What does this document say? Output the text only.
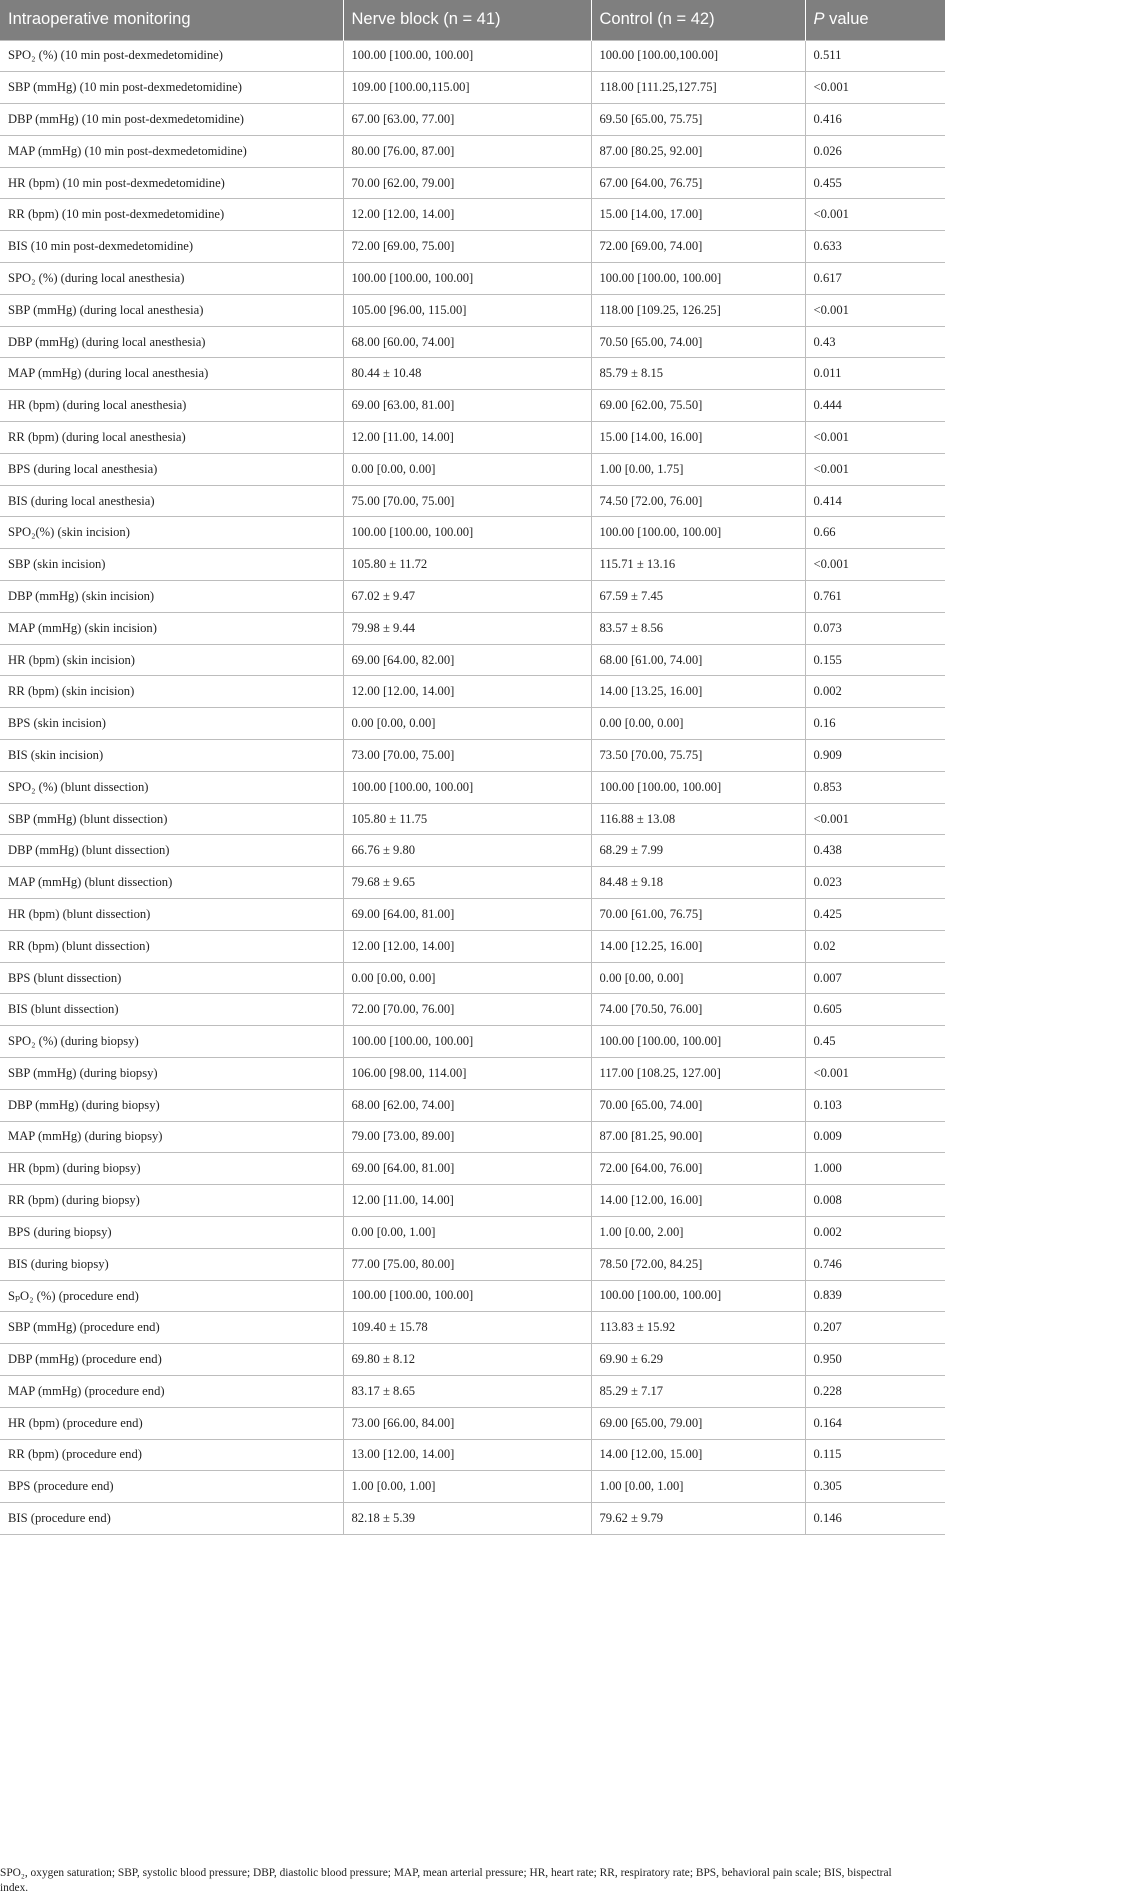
Intraoperative monitoring	Nerve block (n = 41)	Control (n = 42)	P value
SPO₂ (%) (10 min post-dexmedetomidine)	100.00 [100.00, 100.00]	100.00 [100.00,100.00]	0.511
SBP (mmHg) (10 min post-dexmedetomidine)	109.00 [100.00,115.00]	118.00 [111.25,127.75]	<0.001
DBP (mmHg) (10 min post-dexmedetomidine)	67.00 [63.00, 77.00]	69.50 [65.00, 75.75]	0.416
MAP (mmHg) (10 min post-dexmedetomidine)	80.00 [76.00, 87.00]	87.00 [80.25, 92.00]	0.026
HR (bpm) (10 min post-dexmedetomidine)	70.00 [62.00, 79.00]	67.00 [64.00, 76.75]	0.455
RR (bpm) (10 min post-dexmedetomidine)	12.00 [12.00, 14.00]	15.00 [14.00, 17.00]	<0.001
BIS (10 min post-dexmedetomidine)	72.00 [69.00, 75.00]	72.00 [69.00, 74.00]	0.633
SPO₂ (%) (during local anesthesia)	100.00 [100.00, 100.00]	100.00 [100.00, 100.00]	0.617
SBP (mmHg) (during local anesthesia)	105.00 [96.00, 115.00]	118.00 [109.25, 126.25]	<0.001
DBP (mmHg) (during local anesthesia)	68.00 [60.00, 74.00]	70.50 [65.00, 74.00]	0.43
MAP (mmHg) (during local anesthesia)	80.44 ± 10.48	85.79 ± 8.15	0.011
HR (bpm) (during local anesthesia)	69.00 [63.00, 81.00]	69.00 [62.00, 75.50]	0.444
RR (bpm) (during local anesthesia)	12.00 [11.00, 14.00]	15.00 [14.00, 16.00]	<0.001
BPS (during local anesthesia)	0.00 [0.00, 0.00]	1.00 [0.00, 1.75]	<0.001
BIS (during local anesthesia)	75.00 [70.00, 75.00]	74.50 [72.00, 76.00]	0.414
SPO₂(%) (skin incision)	100.00 [100.00, 100.00]	100.00 [100.00, 100.00]	0.66
SBP (skin incision)	105.80 ± 11.72	115.71 ± 13.16	<0.001
DBP (mmHg) (skin incision)	67.02 ± 9.47	67.59 ± 7.45	0.761
MAP (mmHg) (skin incision)	79.98 ± 9.44	83.57 ± 8.56	0.073
HR (bpm) (skin incision)	69.00 [64.00, 82.00]	68.00 [61.00, 74.00]	0.155
RR (bpm) (skin incision)	12.00 [12.00, 14.00]	14.00 [13.25, 16.00]	0.002
BPS (skin incision)	0.00 [0.00, 0.00]	0.00 [0.00, 0.00]	0.16
BIS (skin incision)	73.00 [70.00, 75.00]	73.50 [70.00, 75.75]	0.909
SPO₂ (%) (blunt dissection)	100.00 [100.00, 100.00]	100.00 [100.00, 100.00]	0.853
SBP (mmHg) (blunt dissection)	105.80 ± 11.75	116.88 ± 13.08	<0.001
DBP (mmHg) (blunt dissection)	66.76 ± 9.80	68.29 ± 7.99	0.438
MAP (mmHg) (blunt dissection)	79.68 ± 9.65	84.48 ± 9.18	0.023
HR (bpm) (blunt dissection)	69.00 [64.00, 81.00]	70.00 [61.00, 76.75]	0.425
RR (bpm) (blunt dissection)	12.00 [12.00, 14.00]	14.00 [12.25, 16.00]	0.02
BPS (blunt dissection)	0.00 [0.00, 0.00]	0.00 [0.00, 0.00]	0.007
BIS (blunt dissection)	72.00 [70.00, 76.00]	74.00 [70.50, 76.00]	0.605
SPO₂ (%) (during biopsy)	100.00 [100.00, 100.00]	100.00 [100.00, 100.00]	0.45
SBP (mmHg) (during biopsy)	106.00 [98.00, 114.00]	117.00 [108.25, 127.00]	<0.001
DBP (mmHg) (during biopsy)	68.00 [62.00, 74.00]	70.00 [65.00, 74.00]	0.103
MAP (mmHg) (during biopsy)	79.00 [73.00, 89.00]	87.00 [81.25, 90.00]	0.009
HR (bpm) (during biopsy)	69.00 [64.00, 81.00]	72.00 [64.00, 76.00]	1.000
RR (bpm) (during biopsy)	12.00 [11.00, 14.00]	14.00 [12.00, 16.00]	0.008
BPS (during biopsy)	0.00 [0.00, 1.00]	1.00 [0.00, 2.00]	0.002
BIS (during biopsy)	77.00 [75.00, 80.00]	78.50 [72.00, 84.25]	0.746
SₚO₂ (%) (procedure end)	100.00 [100.00, 100.00]	100.00 [100.00, 100.00]	0.839
SBP (mmHg) (procedure end)	109.40 ± 15.78	113.83 ± 15.92	0.207
DBP (mmHg) (procedure end)	69.80 ± 8.12	69.90 ± 6.29	0.950
MAP (mmHg) (procedure end)	83.17 ± 8.65	85.29 ± 7.17	0.228
HR (bpm) (procedure end)	73.00 [66.00, 84.00]	69.00 [65.00, 79.00]	0.164
RR (bpm) (procedure end)	13.00 [12.00, 14.00]	14.00 [12.00, 15.00]	0.115
BPS (procedure end)	1.00 [0.00, 1.00]	1.00 [0.00, 1.00]	0.305
BIS (procedure end)	82.18 ± 5.39	79.62 ± 9.79	0.146
SPO₂, oxygen saturation; SBP, systolic blood pressure; DBP, diastolic blood pressure; MAP, mean arterial pressure; HR, heart rate; RR, respiratory rate; BPS, behavioral pain scale; BIS, bispectral
index.
